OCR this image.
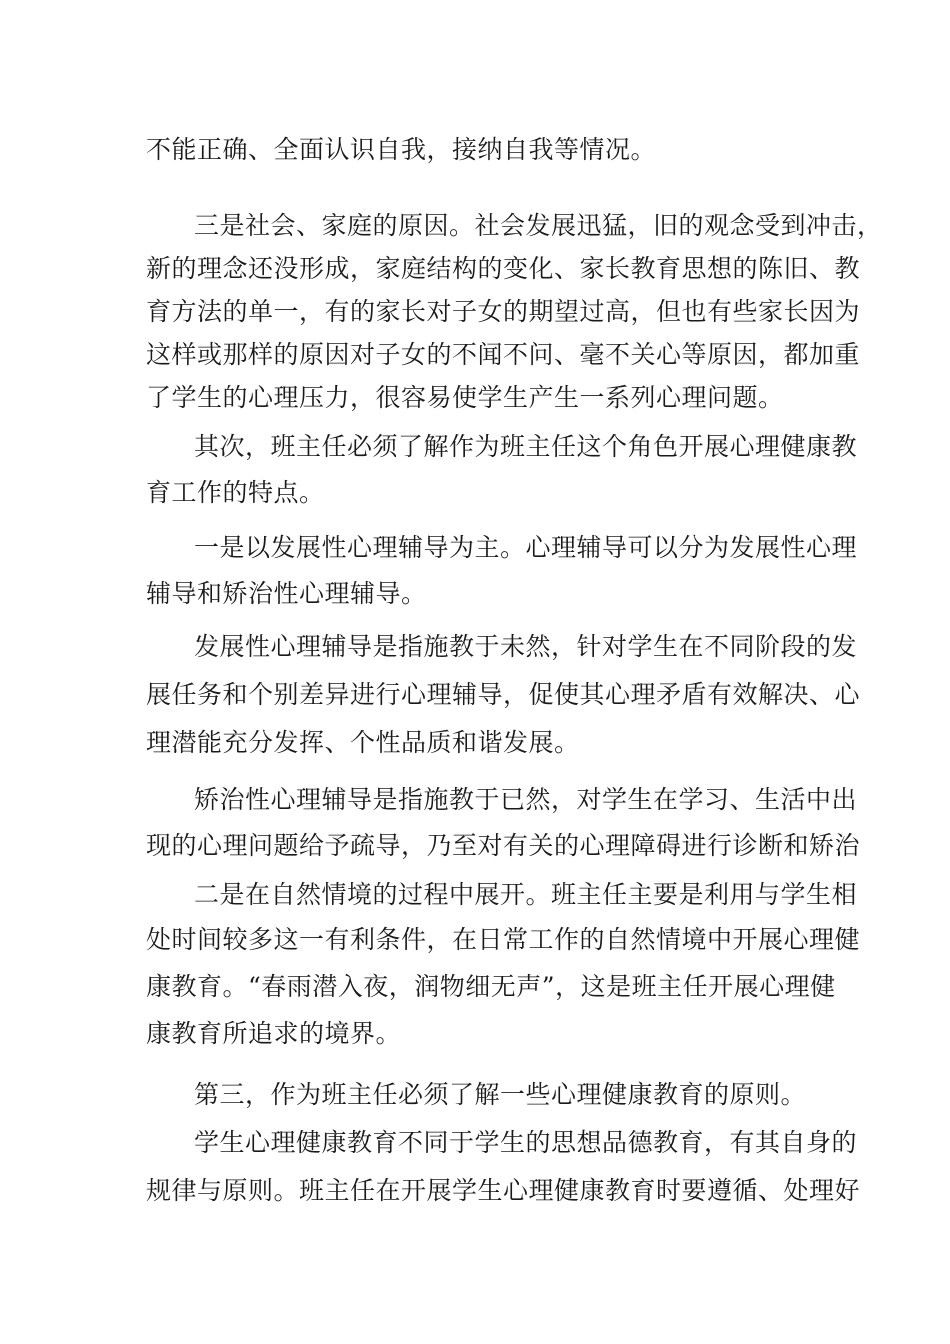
不能正确、全面认识自我，接纳自我等情况。
三是社会、家庭的原因。社会发展迅猛，旧的观念受到冲击，
新的理念还没形成，家庭结构的变化、家长教育思想的陈旧、教
育方法的单一，有的家长对子女的期望过高，但也有些家长因为
这样或那样的原因对子女的不闻不问、毫不关心等原因，都加重
了学生的心理压力，很容易使学生产生一系列心理问题。
其次，班主任必须了解作为班主任这个角色开展心理健康教
育工作的特点。
一是以发展性心理辅导为主。心理辅导可以分为发展性心理
辅导和矫治性心理辅导。
发展性心理辅导是指施教于未然，针对学生在不同阶段的发
展任务和个别差异进行心理辅导，促使其心理矛盾有效解决、心
理潜能充分发挥、个性品质和谐发展。
矫治性心理辅导是指施教于已然，对学生在学习、生活中出
现的心理问题给予疏导，乃至对有关的心理障碍进行诊断和矫治
二是在自然情境的过程中展开。班主任主要是利用与学生相
处时间较多这一有利条件，在日常工作的自然情境中开展心理健
康教育。“春雨潜入夜，润物细无声”，这是班主任开展心理健
康教育所追求的境界。
第三，作为班主任必须了解一些心理健康教育的原则。
学生心理健康教育不同于学生的思想品德教育，有其自身的
规律与原则。班主任在开展学生心理健康教育时要遵循、处理好
